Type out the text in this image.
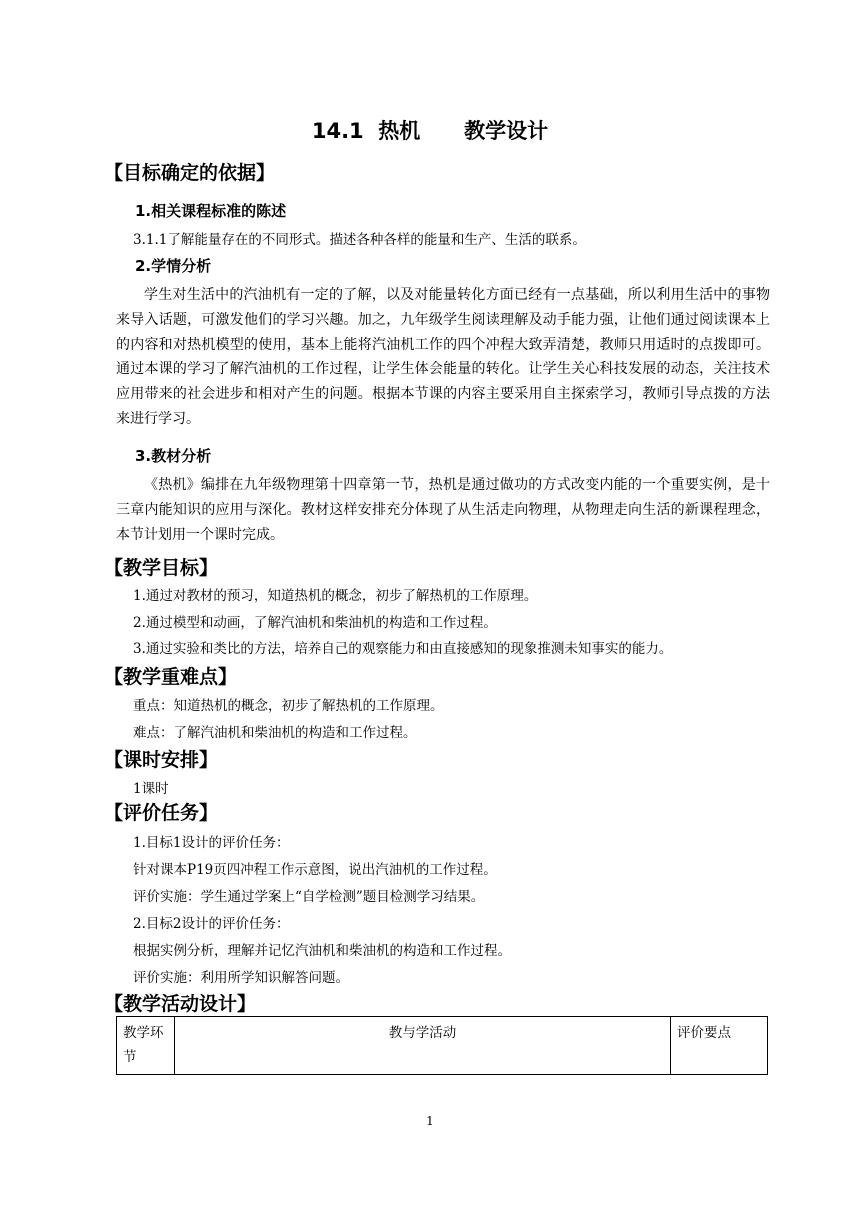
14.1  热机      教学设计
【目标确定的依据】
1.相关课程标准的陈述
3.1.1了解能量存在的不同形式。描述各种各样的能量和生产、生活的联系。
2.学情分析

学生对生活中的汽油机有一定的了解，以及对能量转化方面已经有一点基础，所以利用生活中的事物来导入话题，可激发他们的学习兴趣。加之，九年级学生阅读理解及动手能力强，让他们通过阅读课本上的内容和对热机模型的使用，基本上能将汽油机工作的四个冲程大致弄清楚，教师只用适时的点拨即可。通过本课的学习了解汽油机的工作过程，让学生体会能量的转化。让学生关心科技发展的动态，关注技术应用带来的社会进步和相对产生的问题。根据本节课的内容主要采用自主探索学习，教师引导点拨的方法来进行学习。

3.教材分析

《热机》编排在九年级物理第十四章第一节，热机是通过做功的方式改变内能的一个重要实例，是十三章内能知识的应用与深化。教材这样安排充分体现了从生活走向物理，从物理走向生活的新课程理念，本节计划用一个课时完成。

【教学目标】
1.通过对教材的预习，知道热机的概念，初步了解热机的工作原理。
2.通过模型和动画，了解汽油机和柴油机的构造和工作过程。
3.通过实验和类比的方法，培养自己的观察能力和由直接感知的现象推测未知事实的能力。
【教学重难点】
重点：知道热机的概念，初步了解热机的工作原理。
难点：了解汽油机和柴油机的构造和工作过程。
【课时安排】
1课时
【评价任务】
1.目标1设计的评价任务：
针对课本P19页四冲程工作示意图，说出汽油机的工作过程。
评价实施：学生通过学案上“自学检测”题目检测学习结果。
2.目标2设计的评价任务：
根据实例分析，理解并记忆汽油机和柴油机的构造和工作过程。
评价实施：利用所学知识解答问题。
【教学活动设计】
教学环节	教与学活动	评价要点
1
